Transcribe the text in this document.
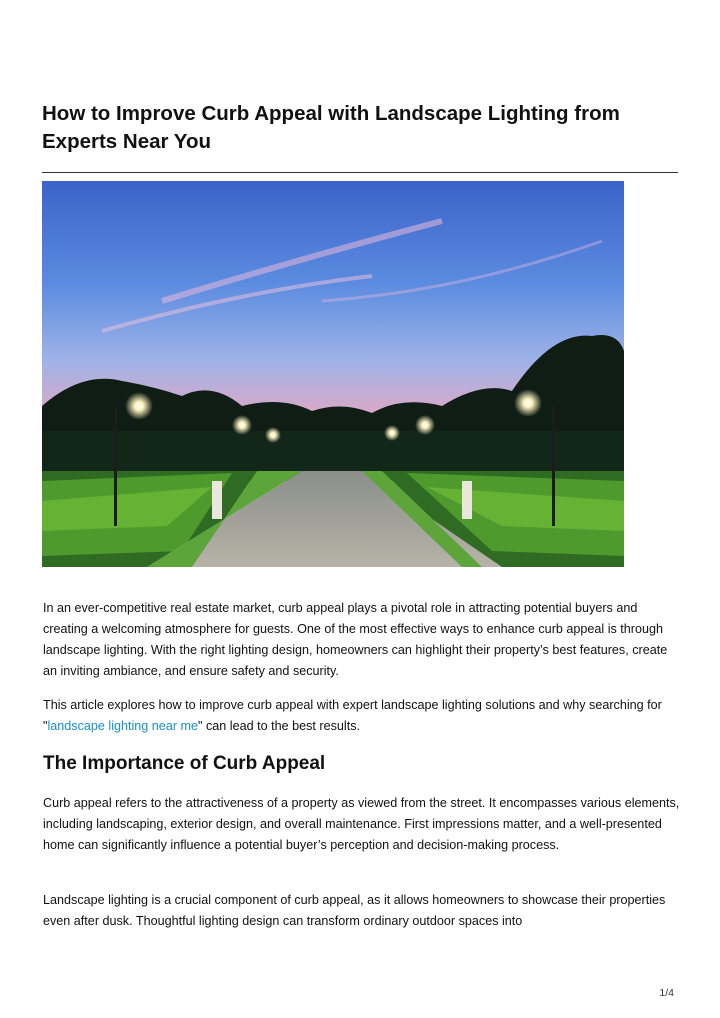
How to Improve Curb Appeal with Landscape Lighting from Experts Near You

In an ever-competitive real estate market, curb appeal plays a pivotal role in attracting potential buyers and creating a welcoming atmosphere for guests. One of the most effective ways to enhance curb appeal is through landscape lighting. With the right lighting design, homeowners can highlight their property’s best features, create an inviting ambiance, and ensure safety and security.

This article explores how to improve curb appeal with expert landscape lighting solutions and why searching for "landscape lighting near me" can lead to the best results.

The Importance of Curb Appeal

Curb appeal refers to the attractiveness of a property as viewed from the street. It encompasses various elements, including landscaping, exterior design, and overall maintenance. First impressions matter, and a well-presented home can significantly influence a potential buyer’s perception and decision-making process.

Landscape lighting is a crucial component of curb appeal, as it allows homeowners to showcase their properties even after dusk. Thoughtful lighting design can transform ordinary outdoor spaces into

1/4
